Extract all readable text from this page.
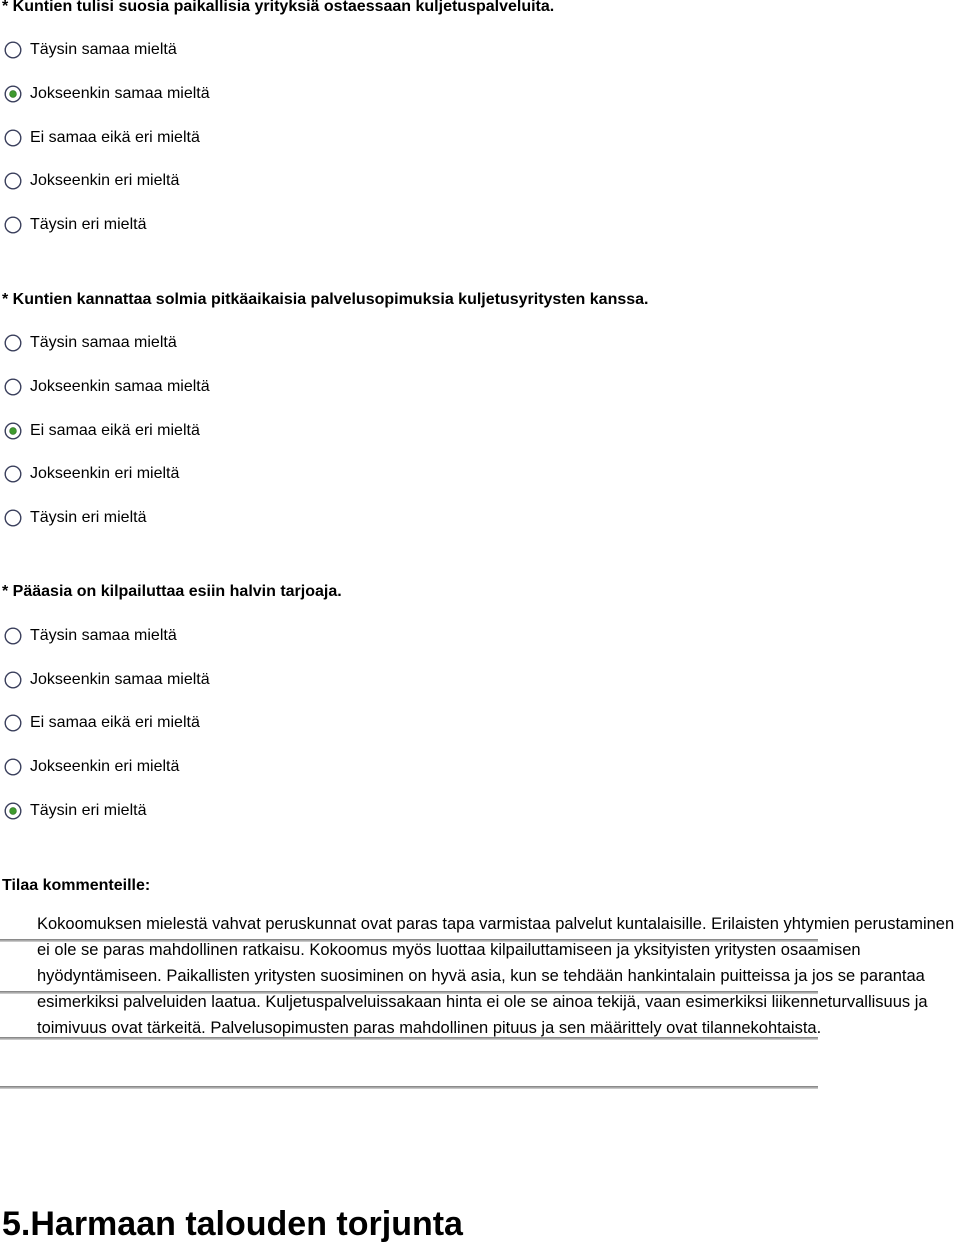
* Kuntien tulisi suosia paikallisia yrityksiä ostaessaan kuljetuspalveluita.
Täysin samaa mieltä
Jokseenkin samaa mieltä
Ei samaa eikä eri mieltä
Jokseenkin eri mieltä
Täysin eri mieltä
* Kuntien kannattaa solmia pitkäaikaisia palvelusopimuksia kuljetusyritysten kanssa.
Täysin samaa mieltä
Jokseenkin samaa mieltä
Ei samaa eikä eri mieltä
Jokseenkin eri mieltä
Täysin eri mieltä
* Pääasia on kilpailuttaa esiin halvin tarjoaja.
Täysin samaa mieltä
Jokseenkin samaa mieltä
Ei samaa eikä eri mieltä
Jokseenkin eri mieltä
Täysin eri mieltä
Tilaa kommenteille:

Kokoomuksen mielestä vahvat peruskunnat ovat paras tapa varmistaa palvelut kuntalaisille. Erilaisten yhtymien perustaminen ei ole se paras mahdollinen ratkaisu. Kokoomus myös luottaa kilpailuttamiseen ja yksityisten yritysten osaamisen hyödyntämiseen. Paikallisten yritysten suosiminen on hyvä asia, kun se tehdään hankintalain puitteissa ja jos se parantaa esimerkiksi palveluiden laatua. Kuljetuspalveluissakaan hinta ei ole se ainoa tekijä, vaan esimerkiksi liikenneturvallisuus ja toimivuus ovat tärkeitä. Palvelusopimusten paras mahdollinen pituus ja sen määrittely ovat tilannekohtaista.

5.Harmaan talouden torjunta
